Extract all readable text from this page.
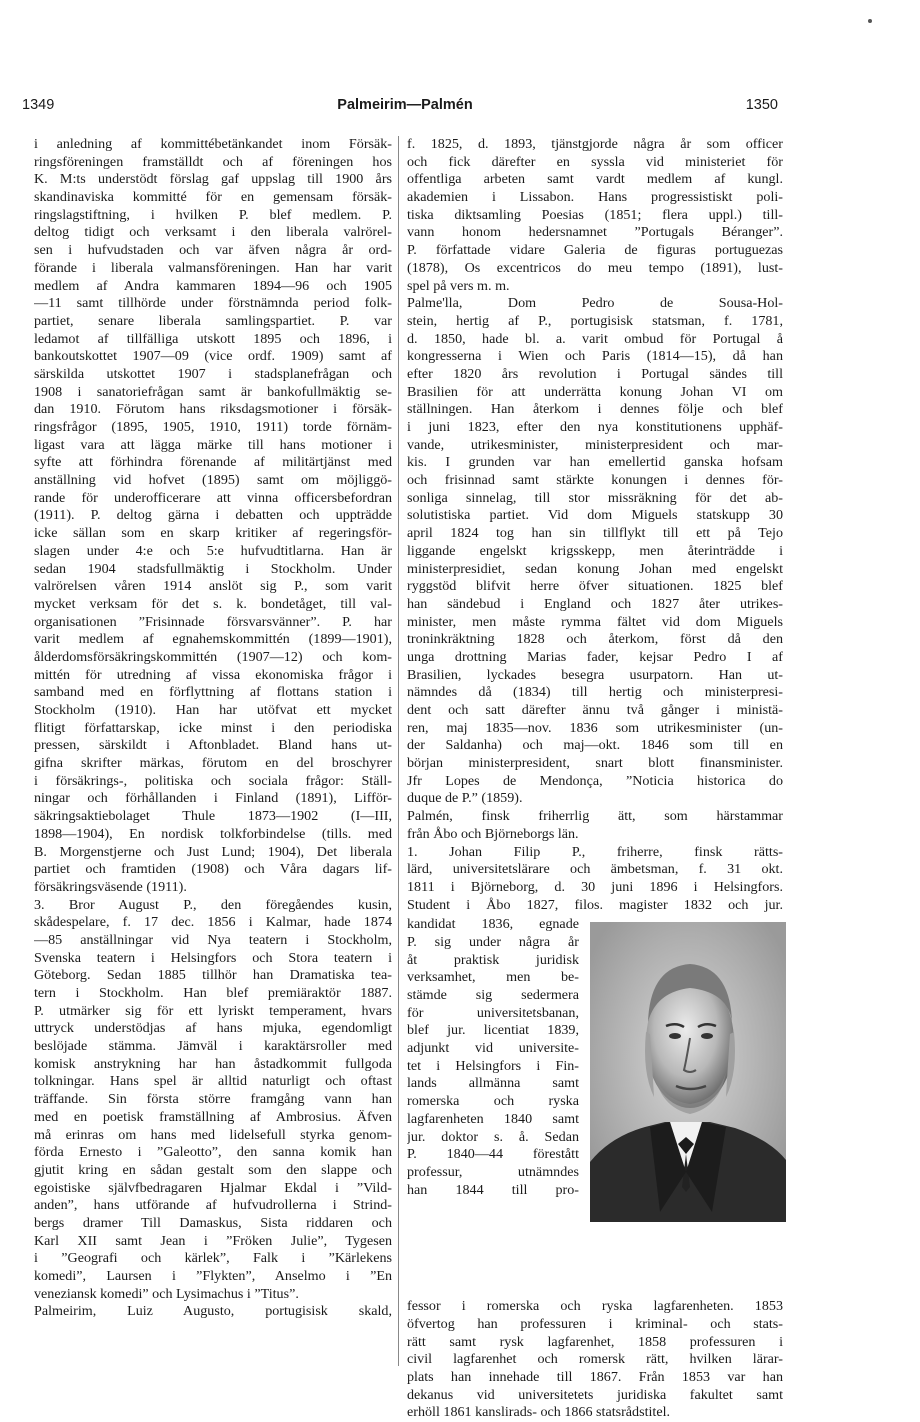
1349	Palmeirim—Palmén	1350
i anledning af kommittébetänkandet inom Försäk-
ringsföreningen framställdt och af föreningen hos
K. M:ts understödt förslag gaf uppslag till 1900 års
skandinaviska kommitté för en gemensam försäk-
ringslagstiftning, i hvilken P. blef medlem. P.
deltog tidigt och verksamt i den liberala valrörel-
sen i hufvudstaden och var äfven några år ord-
förande i liberala valmansföreningen. Han har varit
medlem af Andra kammaren 1894—96 och 1905
—11 samt tillhörde under förstnämnda period folk-
partiet, senare liberala samlingspartiet. P. var
ledamot af tillfälliga utskott 1895 och 1896, i
bankoutskottet 1907—09 (vice ordf. 1909) samt af
särskilda utskottet 1907 i stadsplanefrågan och
1908 i sanatoriefrågan samt är bankofullmäktig se-
dan 1910. Förutom hans riksdagsmotioner i försäk-
ringsfrågor (1895, 1905, 1910, 1911) torde förnäm-
ligast vara att lägga märke till hans motioner i
syfte att förhindra förenande af militärtjänst med
anställning vid hofvet (1895) samt om möjliggö-
rande för underofficerare att vinna officersbefordran
(1911). P. deltog gärna i debatten och uppträdde
icke sällan som en skarp kritiker af regeringsför-
slagen under 4:e och 5:e hufvudtitlarna. Han är
sedan 1904 stadsfullmäktig i Stockholm. Under
valrörelsen våren 1914 anslöt sig P., som varit
mycket verksam för det s. k. bondetåget, till val-
organisationen ”Frisinnade försvarsvänner”. P. har
varit medlem af egnahemskommittén (1899—1901),
ålderdomsförsäkringskommittén (1907—12) och kom-
mittén för utredning af vissa ekonomiska frågor i
samband med en förflyttning af flottans station i
Stockholm (1910). Han har utöfvat ett mycket
flitigt författarskap, icke minst i den periodiska
pressen, särskildt i Aftonbladet. Bland hans ut-
gifna skrifter märkas, förutom en del broschyrer
i försäkrings-, politiska och sociala frågor: Ställ-
ningar och förhållanden i Finland (1891), Lifför-
säkringsaktiebolaget Thule 1873—1902 (I—III,
1898—1904), En nordisk tolkforbindelse (tills. med
B. Morgenstjerne och Just Lund; 1904), Det liberala
partiet och framtiden (1908) och Våra dagars lif-
försäkringsväsende (1911).
3. Bror August P., den föregåendes kusin,
skådespelare, f. 17 dec. 1856 i Kalmar, hade 1874
—85 anställningar vid Nya teatern i Stockholm,
Svenska teatern i Helsingfors och Stora teatern i
Göteborg. Sedan 1885 tillhör han Dramatiska tea-
tern i Stockholm. Han blef premiäraktör 1887.
P. utmärker sig för ett lyriskt temperament, hvars
uttryck understödjas af hans mjuka, egendomligt
beslöjade stämma. Jämväl i karaktärsroller med
komisk anstrykning har han åstadkommit fullgoda
tolkningar. Hans spel är alltid naturligt och oftast
träffande. Sin första större framgång vann han
med en poetisk framställning af Ambrosius. Äfven
må erinras om hans med lidelsefull styrka genom-
förda Ernesto i ”Galeotto”, den sanna komik han
gjutit kring en sådan gestalt som den slappe och
egoistiske självfbedragaren Hjalmar Ekdal i ”Vild-
anden”, hans utförande af hufvudrollerna i Strind-
bergs dramer Till Damaskus, Sista riddaren och
Karl XII samt Jean i ”Fröken Julie”, Tygesen
i ”Geografi och kärlek”, Falk i ”Kärlekens
komedi”, Laursen i ”Flykten”, Anselmo i ”En
veneziansk komedi” och Lysimachus i ”Titus”.
Palmeirim, Luiz Augusto, portugisisk skald,
f. 1825, d. 1893, tjänstgjorde några år som officer
och fick därefter en syssla vid ministeriet för
offentliga arbeten samt vardt medlem af kungl.
akademien i Lissabon. Hans progressistiskt poli-
tiska diktsamling Poesias (1851; flera uppl.) till-
vann honom hedersnamnet ”Portugals Béranger”.
P. författade vidare Galeria de figuras portuguezas
(1878), Os excentricos do meu tempo (1891), lust-
spel på vers m. m.
Palme'lla, Dom Pedro de Sousa-Hol-
stein, hertig af P., portugisisk statsman, f. 1781,
d. 1850, hade bl. a. varit ombud för Portugal å
kongresserna i Wien och Paris (1814—15), då han
efter 1820 års revolution i Portugal sändes till
Brasilien för att underrätta konung Johan VI om
ställningen. Han återkom i dennes följe och blef
i juni 1823, efter den nya konstitutionens upphäf-
vande, utrikesminister, ministerpresident och mar-
kis. I grunden var han emellertid ganska hofsam
och frisinnad samt stärkte konungen i dennes för-
sonliga sinnelag, till stor missräkning för det ab-
solutistiska partiet. Vid dom Miguels statskupp 30
april 1824 tog han sin tillflykt till ett på Tejo
liggande engelskt krigsskepp, men återinträdde i
ministerpresidiet, sedan konung Johan med engelskt
ryggstöd blifvit herre öfver situationen. 1825 blef
han sändebud i England och 1827 åter utrikes-
minister, men måste rymma fältet vid dom Miguels
troninkräktning 1828 och återkom, först då den
unga drottning Marias fader, kejsar Pedro I af
Brasilien, lyckades besegra usurpatorn. Han ut-
nämndes då (1834) till hertig och ministerpresi-
dent och satt därefter ännu två gånger i ministä-
ren, maj 1835—nov. 1836 som utrikesminister (un-
der Saldanha) och maj—okt. 1846 som till en
början ministerpresident, snart blott finansminister.
Jfr Lopes de Mendonça, ”Noticia historica do
duque de P.” (1859).
Palmén, finsk friherrlig ätt, som härstammar
från Åbo och Björneborgs län.
1. Johan Filip P., friherre, finsk rätts-
lärd, universitetslärare och ämbetsman, f. 31 okt.
1811 i Björneborg, d. 30 juni 1896 i Helsingfors.
Student i Åbo 1827, filos. magister 1832 och jur.
kandidat 1836, egnade
P. sig under några år
åt praktisk juridisk
verksamhet, men be-
stämde sig sedermera
för universitetsbanan,
blef jur. licentiat 1839,
adjunkt vid universite-
tet i Helsingfors i Fin-
lands allmänna samt
romerska och ryska
lagfarenheten 1840 samt
jur. doktor s. å. Sedan
P. 1840—44 förestått
professur, utnämndes
han 1844 till pro-
fessor i romerska och ryska lagfarenheten. 1853
öfvertog han professuren i kriminal- och stats-
rätt samt rysk lagfarenhet, 1858 professuren i
civil lagfarenhet och romersk rätt, hvilken lärar-
plats han innehade till 1867. Från 1853 var han
dekanus vid universitetets juridiska fakultet samt
erhöll 1861 kanslirads- och 1866 statsrådstitel.
